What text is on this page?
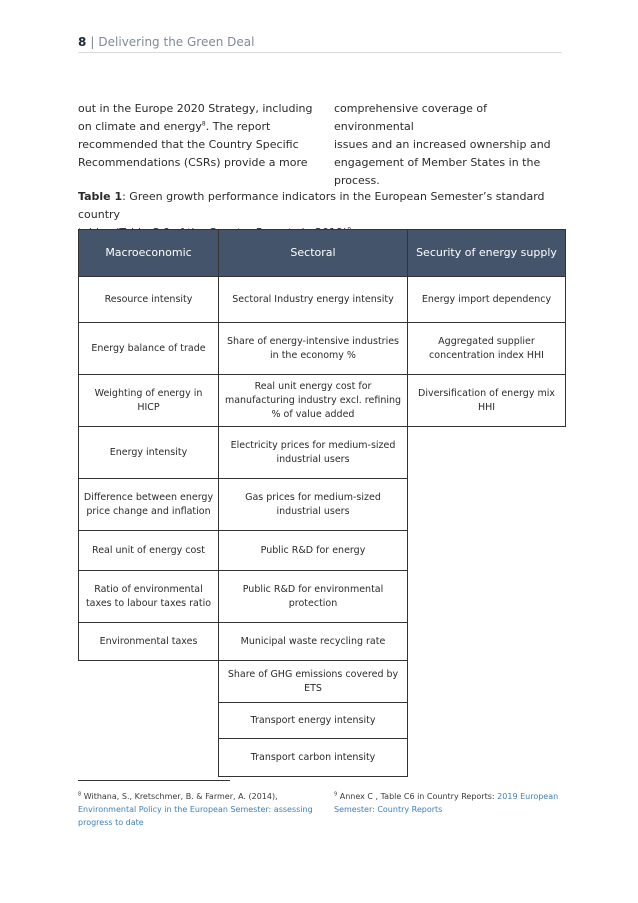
8 | Delivering the Green Deal
out in the Europe 2020 Strategy, including
on climate and energy$^8$. The report
recommended that the Country Specific
Recommendations (CSRs) provide a more
comprehensive coverage of environmental
issues and an increased ownership and
engagement of Member States in the
process.
Table 1: Green growth performance indicators in the European Semester’s standard country
Macroeconomic	Sectoral	Security of energy supply
Resource intensity	Sectoral Industry energy intensity	Energy import dependency
Energy balance of trade	Share of energy-intensive industries in the economy %	Aggregated supplier concentration index HHI
Weighting of energy in HICP	Real unit energy cost for manufacturing industry excl. refining % of value added	Diversification of energy mix HHI
Energy intensity	Electricity prices for medium-sized industrial users	
Difference between energy price change and inflation	Gas prices for medium-sized industrial users	
Real unit of energy cost	Public R&D for energy	
Ratio of environmental taxes to labour taxes ratio	Public R&D for environmental protection	
Environmental taxes	Municipal waste recycling rate	
	Share of GHG emissions covered by ETS	
	Transport energy intensity	
	Transport carbon intensity	
$^8$ Withana, S., Kretschmer, B. & Farmer, A. (2014),
Environmental Policy in the European Semester: assessing progress to date
$^9$ Annex C , Table C6 in Country Reports: 2019 European Semester: Country Reports
